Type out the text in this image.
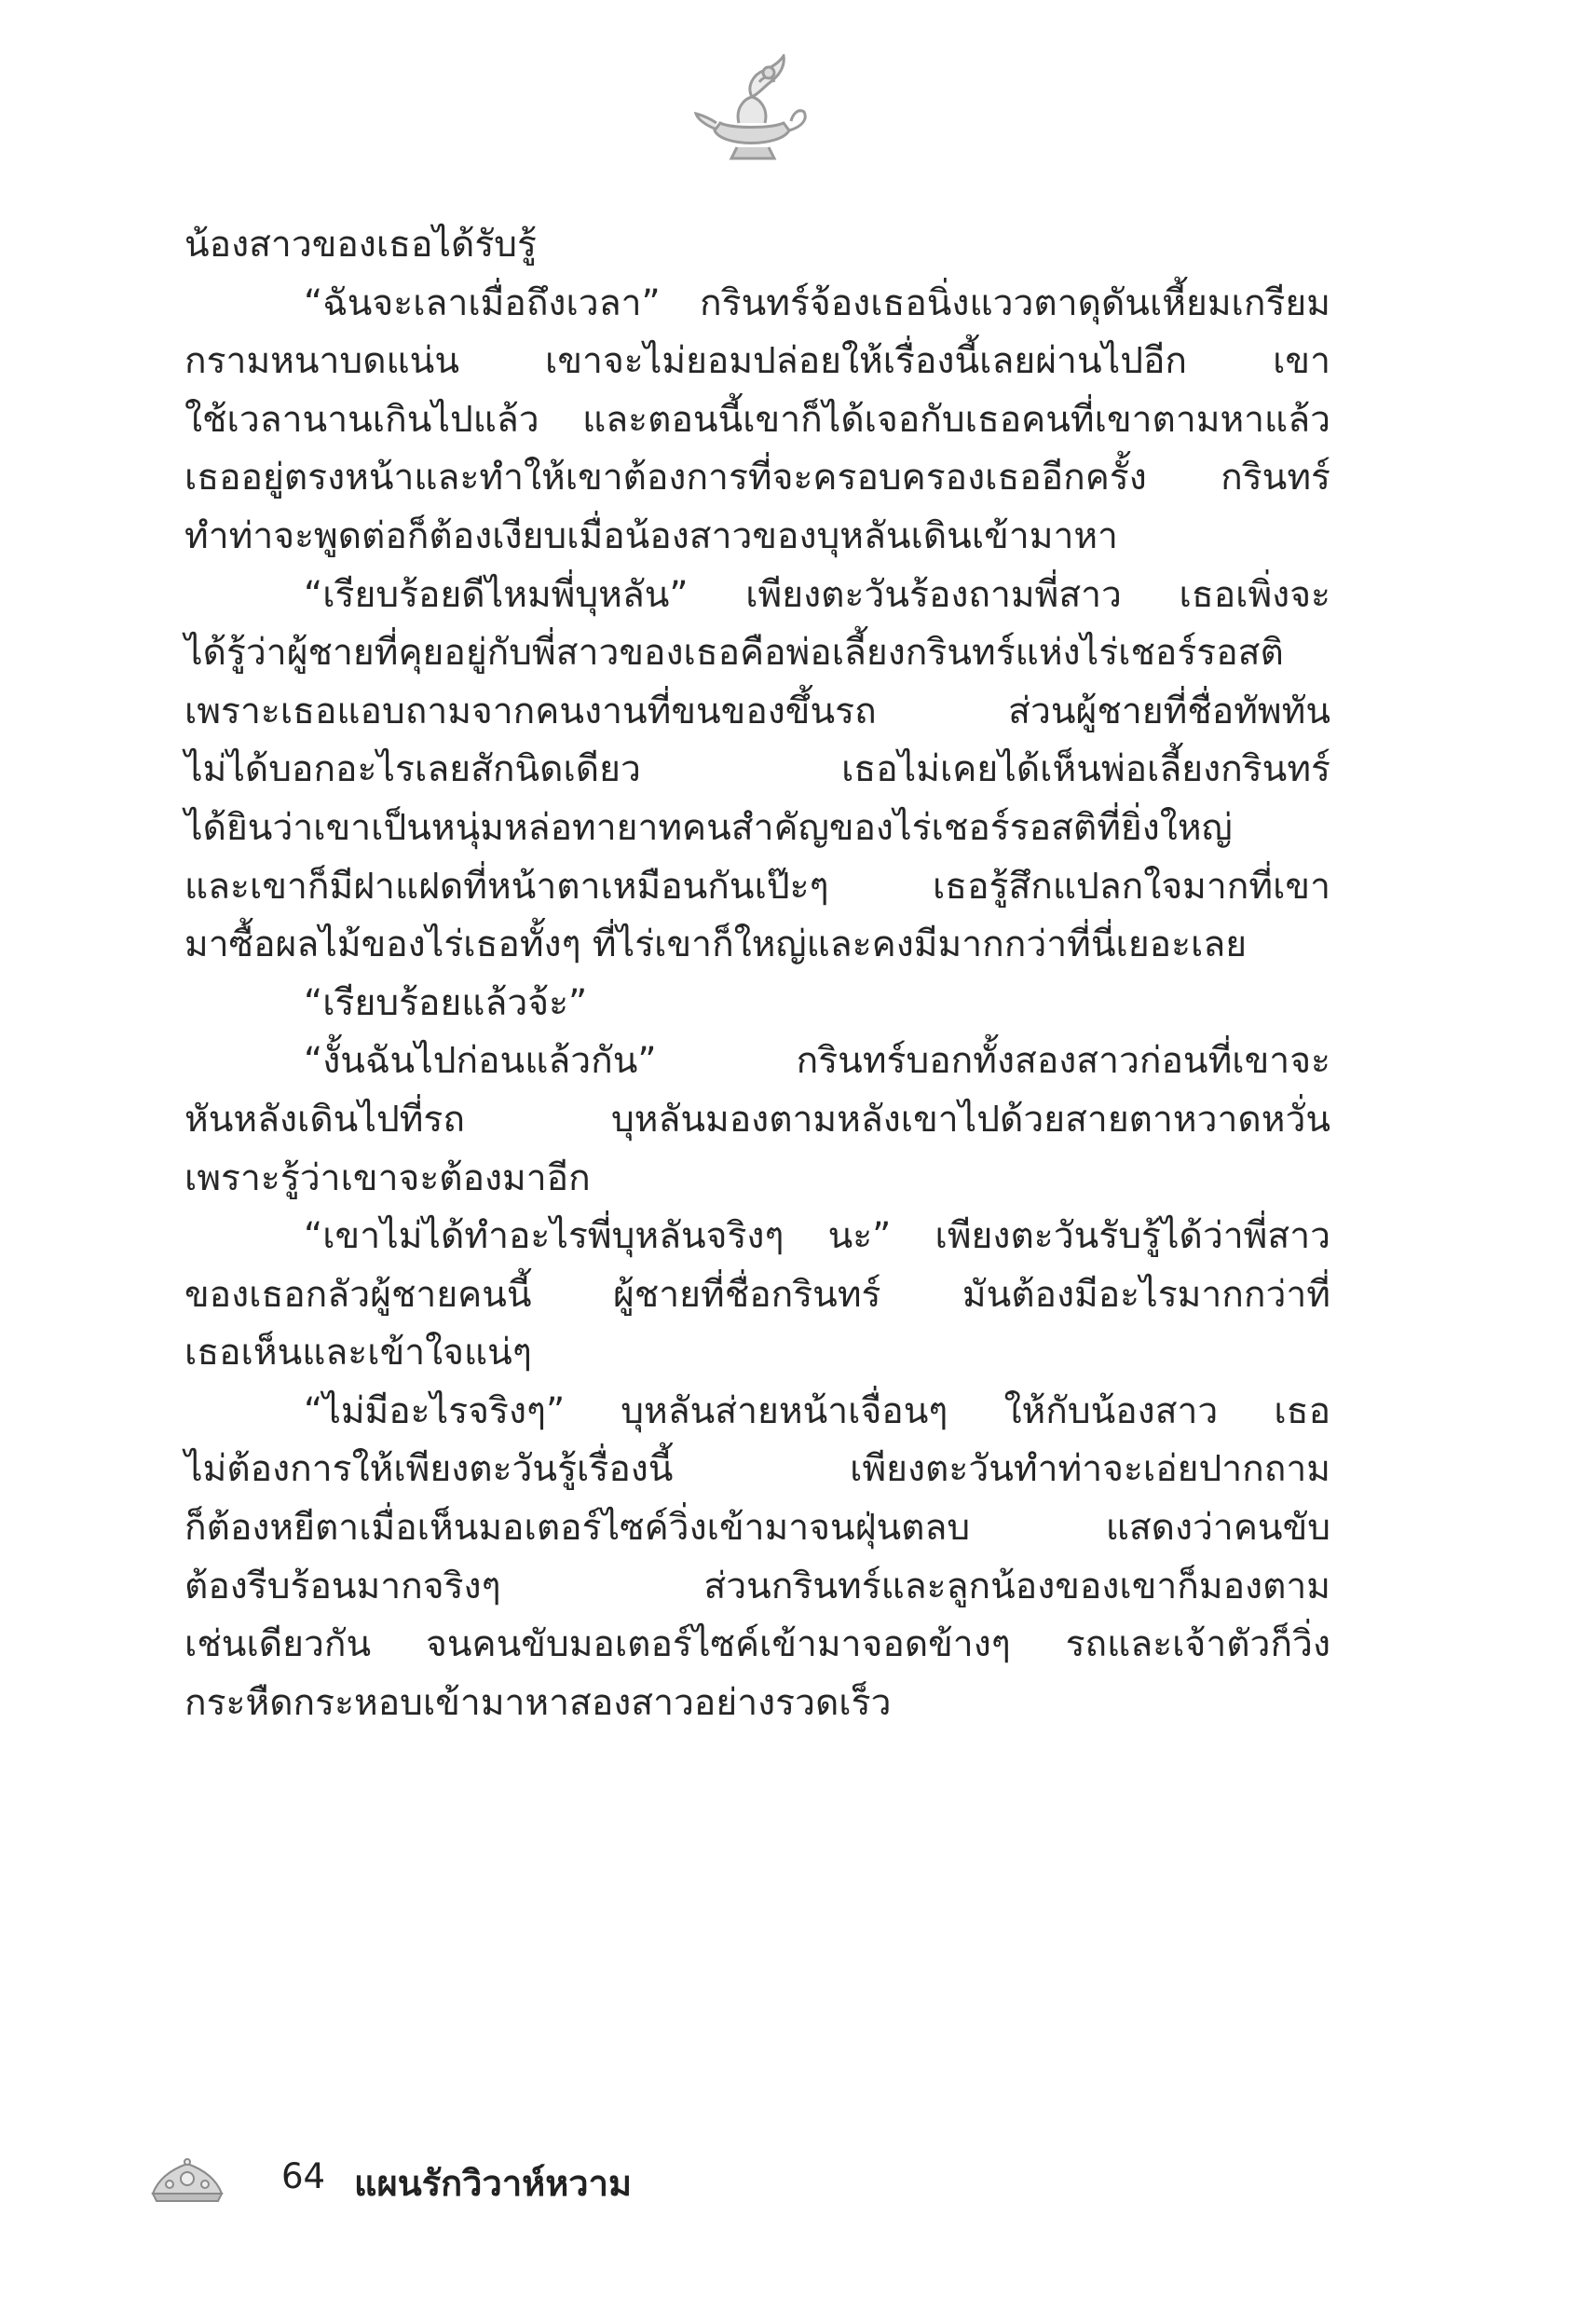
น้องสาวของเธอได้รับรู้
“ฉันจะเลาเมื่อถึงเวลา” กรินทร์จ้องเธอนิ่งแววตาดุดันเหี้ยมเกรียม
กรามหนาบดแน่น เขาจะไม่ยอมปล่อยให้เรื่องนี้เลยผ่านไปอีก เขา
ใช้เวลานานเกินไปแล้ว และตอนนี้เขาก็ได้เจอกับเธอคนที่เขาตามหาแล้ว
เธออยู่ตรงหน้าและทำให้เขาต้องการที่จะครอบครองเธออีกครั้ง กรินทร์
ทำท่าจะพูดต่อก็ต้องเงียบเมื่อน้องสาวของบุหลันเดินเข้ามาหา
“เรียบร้อยดีไหมพี่บุหลัน” เพียงตะวันร้องถามพี่สาว เธอเพิ่งจะ
ได้รู้ว่าผู้ชายที่คุยอยู่กับพี่สาวของเธอคือพ่อเลี้ยงกรินทร์แห่งไร่เชอร์รอสติ
เพราะเธอแอบถามจากคนงานที่ขนของขึ้นรถ ส่วนผู้ชายที่ชื่อทัพทัน
ไม่ได้บอกอะไรเลยสักนิดเดียว เธอไม่เคยได้เห็นพ่อเลี้ยงกรินทร์
ได้ยินว่าเขาเป็นหนุ่มหล่อทายาทคนสำคัญของไร่เชอร์รอสติที่ยิ่งใหญ่
และเขาก็มีฝาแฝดที่หน้าตาเหมือนกันเป๊ะๆ เธอรู้สึกแปลกใจมากที่เขา
มาซื้อผลไม้ของไร่เธอทั้งๆ ที่ไร่เขาก็ใหญ่และคงมีมากกว่าที่นี่เยอะเลย
“เรียบร้อยแล้วจ้ะ”
“งั้นฉันไปก่อนแล้วกัน” กรินทร์บอกทั้งสองสาวก่อนที่เขาจะ
หันหลังเดินไปที่รถ บุหลันมองตามหลังเขาไปด้วยสายตาหวาดหวั่น
เพราะรู้ว่าเขาจะต้องมาอีก
“เขาไม่ได้ทำอะไรพี่บุหลันจริงๆ นะ” เพียงตะวันรับรู้ได้ว่าพี่สาว
ของเธอกลัวผู้ชายคนนี้ ผู้ชายที่ชื่อกรินทร์ มันต้องมีอะไรมากกว่าที่
เธอเห็นและเข้าใจแน่ๆ
“ไม่มีอะไรจริงๆ” บุหลันส่ายหน้าเจื่อนๆ ให้กับน้องสาว เธอ
ไม่ต้องการให้เพียงตะวันรู้เรื่องนี้ เพียงตะวันทำท่าจะเอ่ยปากถาม
ก็ต้องหยีตาเมื่อเห็นมอเตอร์ไซค์วิ่งเข้ามาจนฝุ่นตลบ แสดงว่าคนขับ
ต้องรีบร้อนมากจริงๆ ส่วนกรินทร์และลูกน้องของเขาก็มองตาม
เช่นเดียวกัน จนคนขับมอเตอร์ไซค์เข้ามาจอดข้างๆ รถและเจ้าตัวก็วิ่ง
กระหืดกระหอบเข้ามาหาสองสาวอย่างรวดเร็ว
64 แผนรักวิวาห์หวาม
